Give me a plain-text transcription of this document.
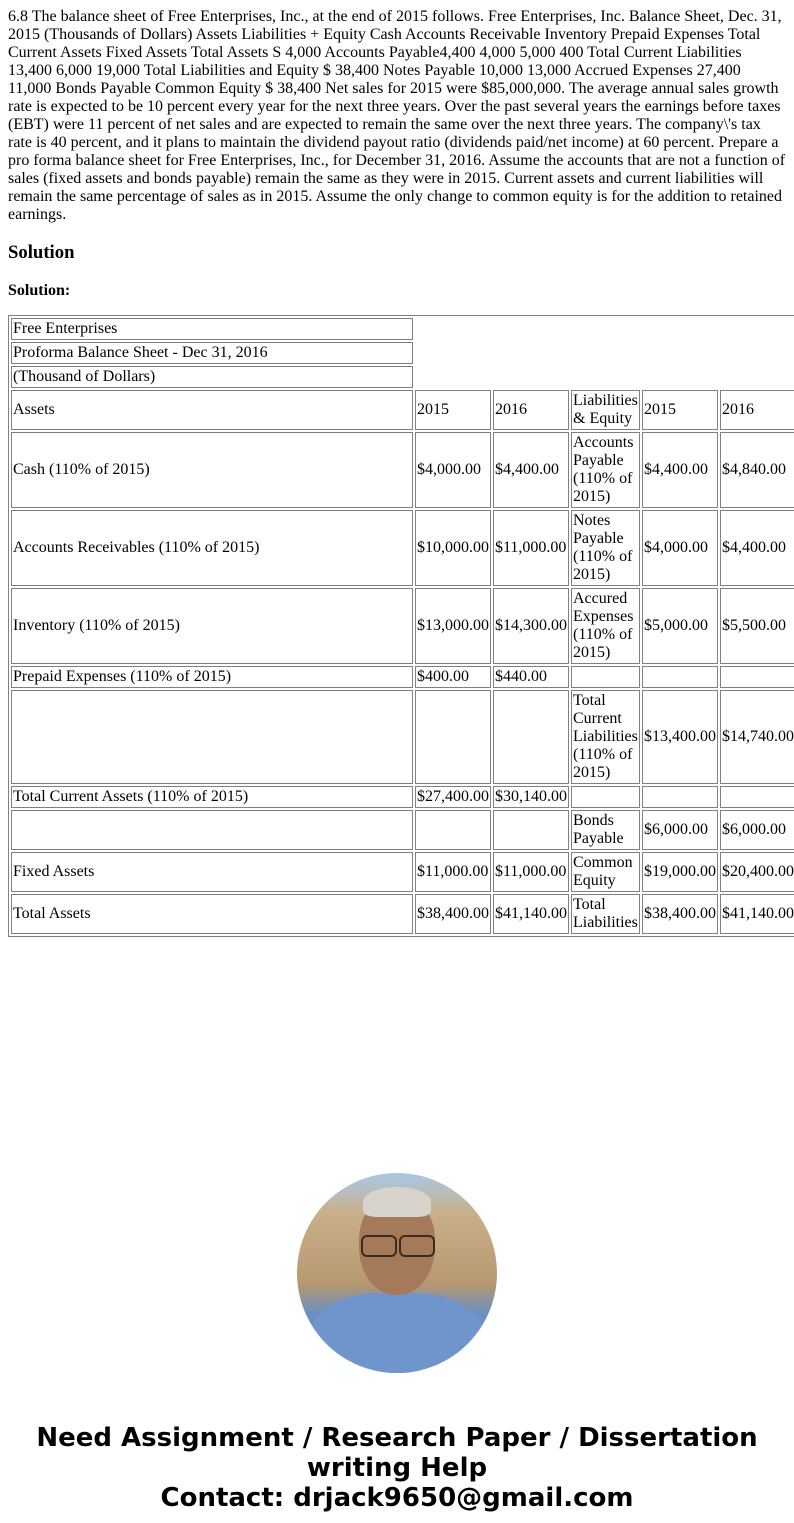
6.8 The balance sheet of Free Enterprises, Inc., at the end of 2015 follows. Free Enterprises, Inc. Balance Sheet, Dec. 31, 2015 (Thousands of Dollars) Assets Liabilities + Equity Cash Accounts Receivable Inventory Prepaid Expenses Total Current Assets Fixed Assets Total Assets S 4,000 Accounts Payable4,400 4,000 5,000 400 Total Current Liabilities 13,400 6,000 19,000 Total Liabilities and Equity $ 38,400 Notes Payable 10,000 13,000 Accrued Expenses 27,400 11,000 Bonds Payable Common Equity $ 38,400 Net sales for 2015 were $85,000,000. The average annual sales growth rate is expected to be 10 percent every year for the next three years. Over the past several years the earnings before taxes (EBT) were 11 percent of net sales and are expected to remain the same over the next three years. The company\'s tax rate is 40 percent, and it plans to maintain the dividend payout ratio (dividends paid/net income) at 60 percent. Prepare a pro forma balance sheet for Free Enterprises, Inc., for December 31, 2016. Assume the accounts that are not a function of sales (fixed assets and bonds payable) remain the same as they were in 2015. Current assets and current liabilities will remain the same percentage of sales as in 2015. Assume the only change to common equity is for the addition to retained earnings.

Solution

Solution:

Free Enterprises					
Proforma Balance Sheet - Dec 31, 2016					
(Thousand of Dollars)					
Assets	2015	2016	Liabilities & Equity	2015	2016
Cash (110% of 2015)	$4,000.00	$4,400.00	Accounts Payable (110% of 2015)	$4,400.00	$4,840.00
Accounts Receivables (110% of 2015)	$10,000.00	$11,000.00	Notes Payable (110% of 2015)	$4,000.00	$4,400.00
Inventory (110% of 2015)	$13,000.00	$14,300.00	Accured Expenses (110% of 2015)	$5,000.00	$5,500.00
Prepaid Expenses (110% of 2015)	$400.00	$440.00			
			Total Current Liabilities (110% of 2015)	$13,400.00	$14,740.00
Total Current Assets (110% of 2015)	$27,400.00	$30,140.00			
			Bonds Payable	$6,000.00	$6,000.00
Fixed Assets	$11,000.00	$11,000.00	Common Equity	$19,000.00	$20,400.00
Total Assets	$38,400.00	$41,140.00	Total Liabilities	$38,400.00	$41,140.00
Need Assignment / Research Paper / Dissertation writing Help
Contact: drjack9650@gmail.com
